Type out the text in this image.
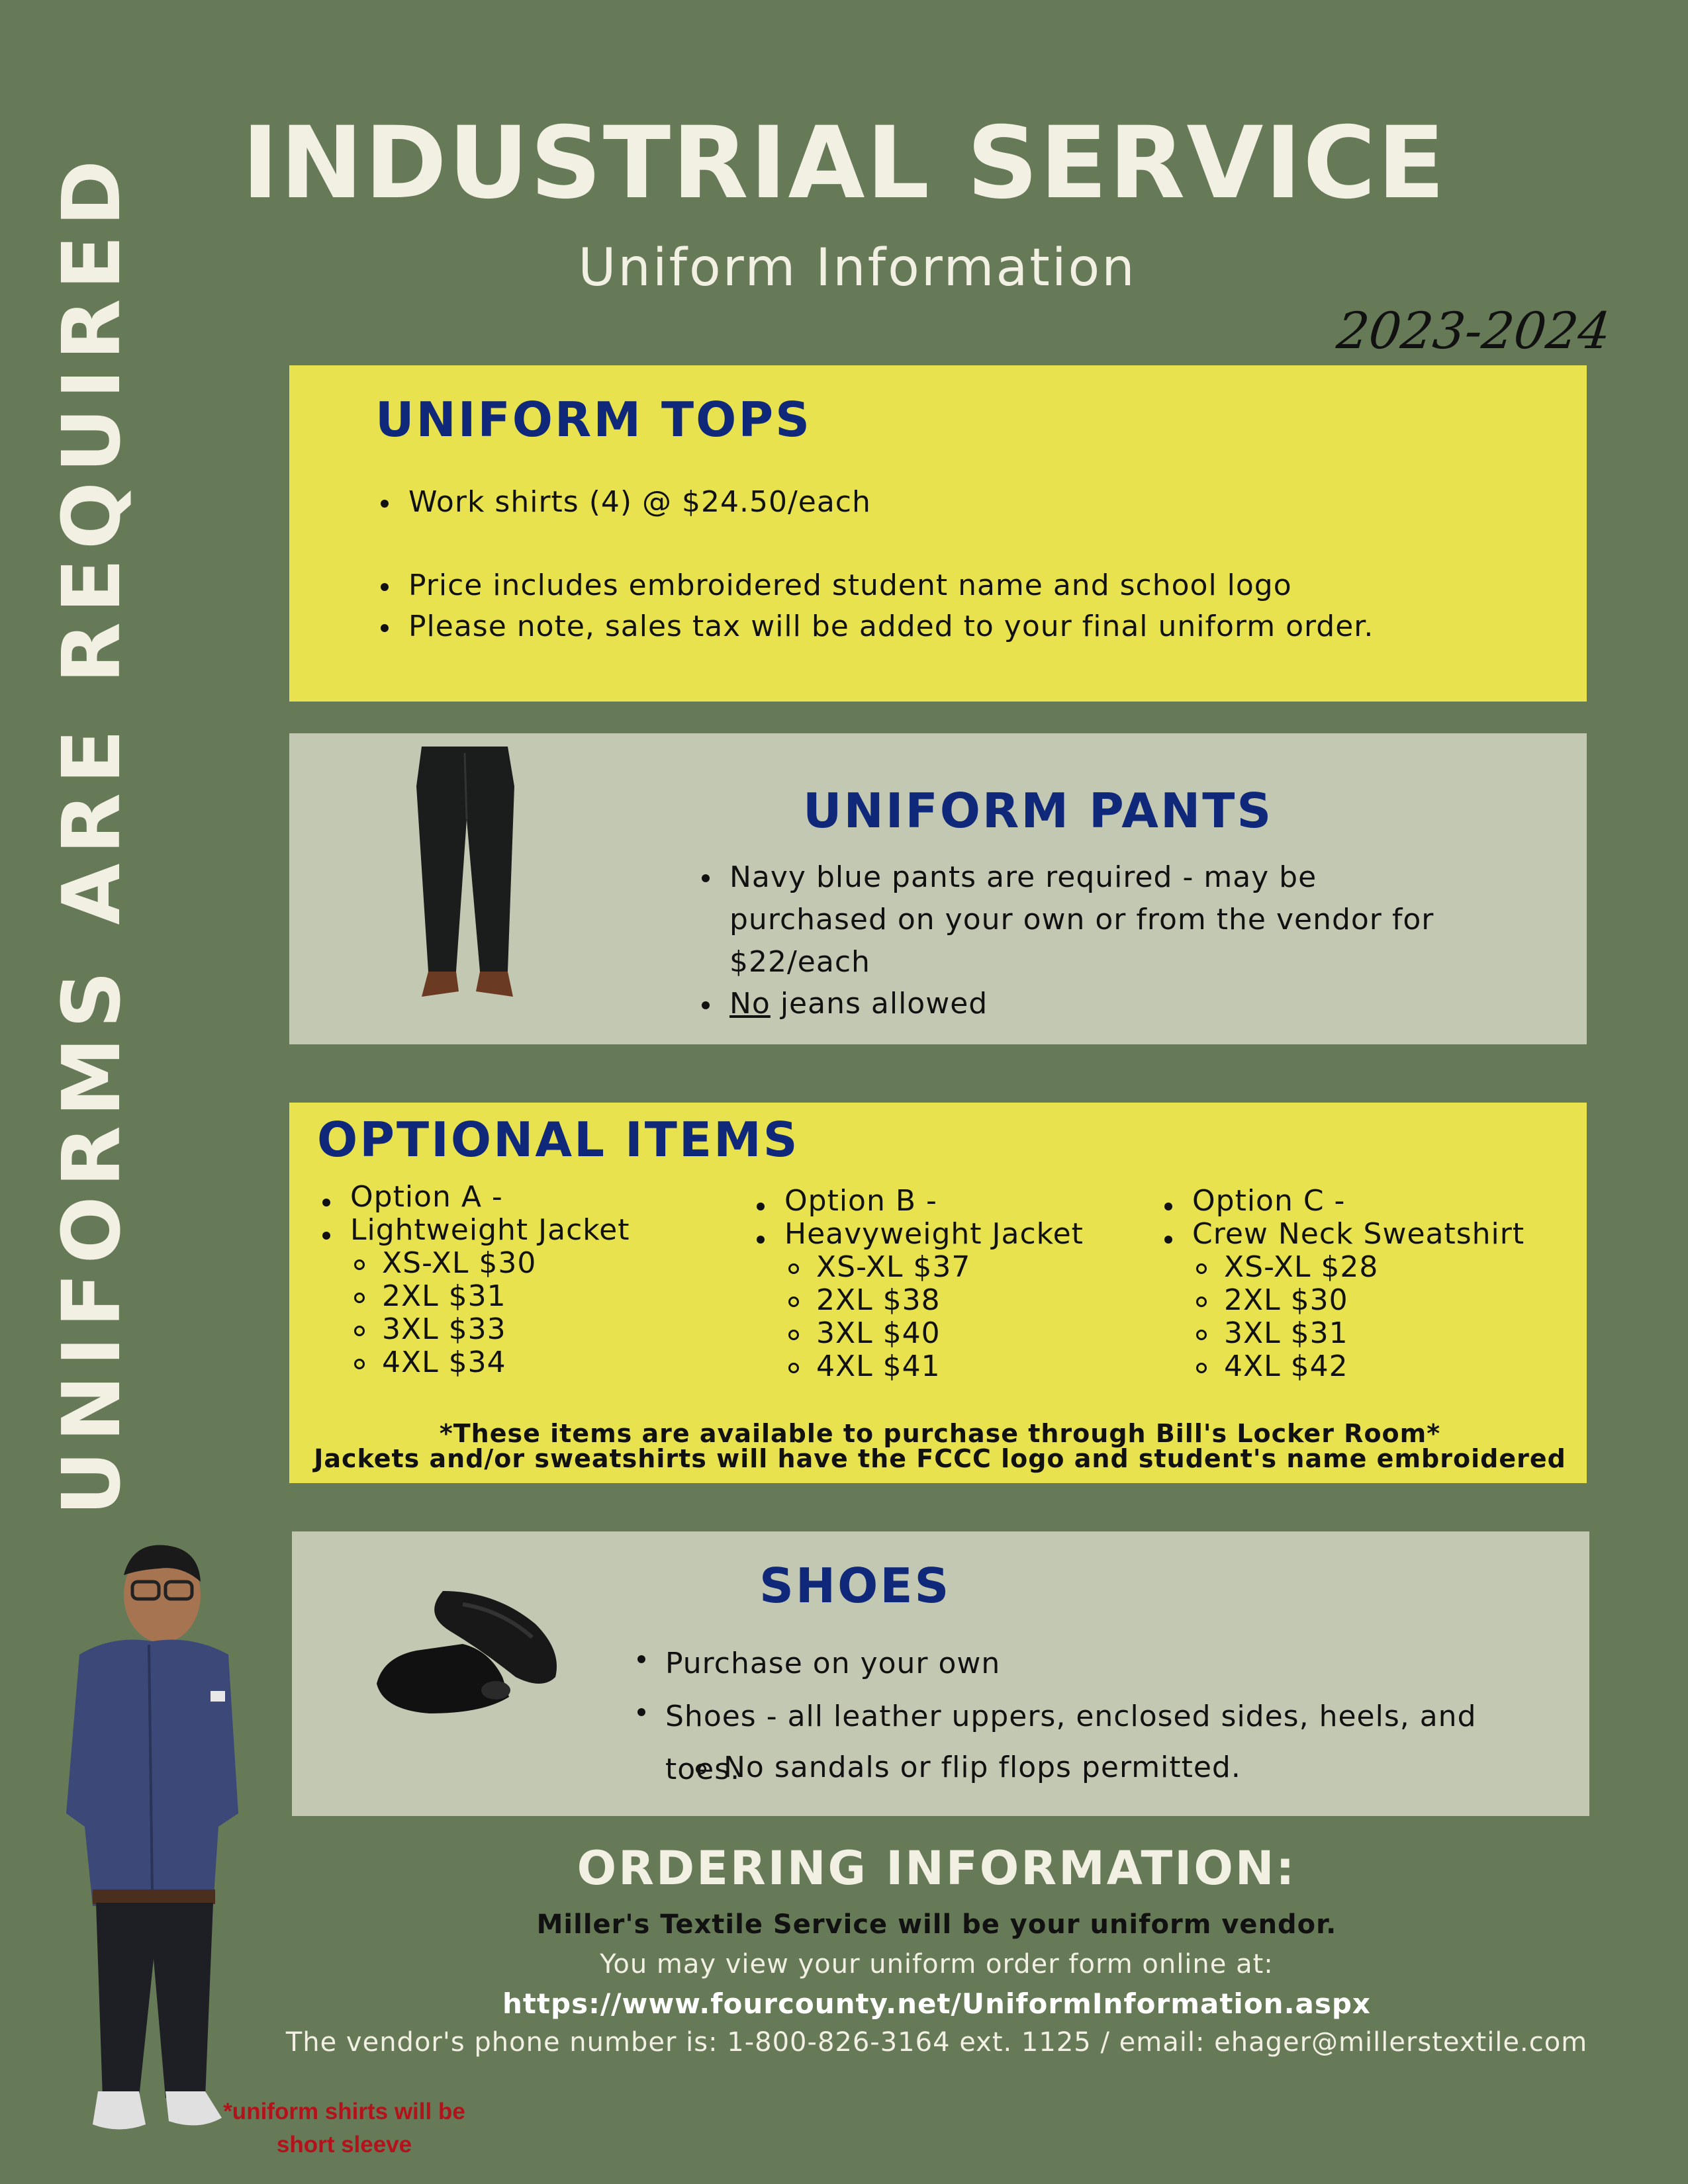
INDUSTRIAL SERVICE
Uniform Information
2023-2024
UNIFORMS ARE REQUIRED	UNIFORM TOPS
Work shirts (4) @ $24.50/each
Price includes embroidered student name and school logo
Please note, sales tax will be added to your final uniform order.
UNIFORM PANTS
Navy blue pants are required - may be purchased on your own or from the vendor for $22/each
No jeans allowed
OPTIONAL ITEMS
Option A -
Lightweight Jacket
XS-XL $30
2XL $31
3XL $33
4XL $34
Option B -
Heavyweight Jacket
XS-XL $37
2XL $38
3XL $40
4XL $41
Option C -
Crew Neck Sweatshirt
XS-XL $28
2XL $30
3XL $31
4XL $42
*These items are available to purchase through Bill's Locker Room*
Jackets and/or sweatshirts will have the FCCC logo and student's name embroidered
SHOES
Purchase on your own
Shoes - all leather uppers, enclosed sides, heels, and toes.
No sandals or flip flops permitted.
ORDERING INFORMATION:
Miller's Textile Service will be your uniform vendor.
You may view your uniform order form online at:
https://www.fourcounty.net/UniformInformation.aspx
The vendor's phone number is: 1-800-826-3164 ext. 1125 / email: ehager@millerstextile.com
*uniform shirts will be short sleeve
